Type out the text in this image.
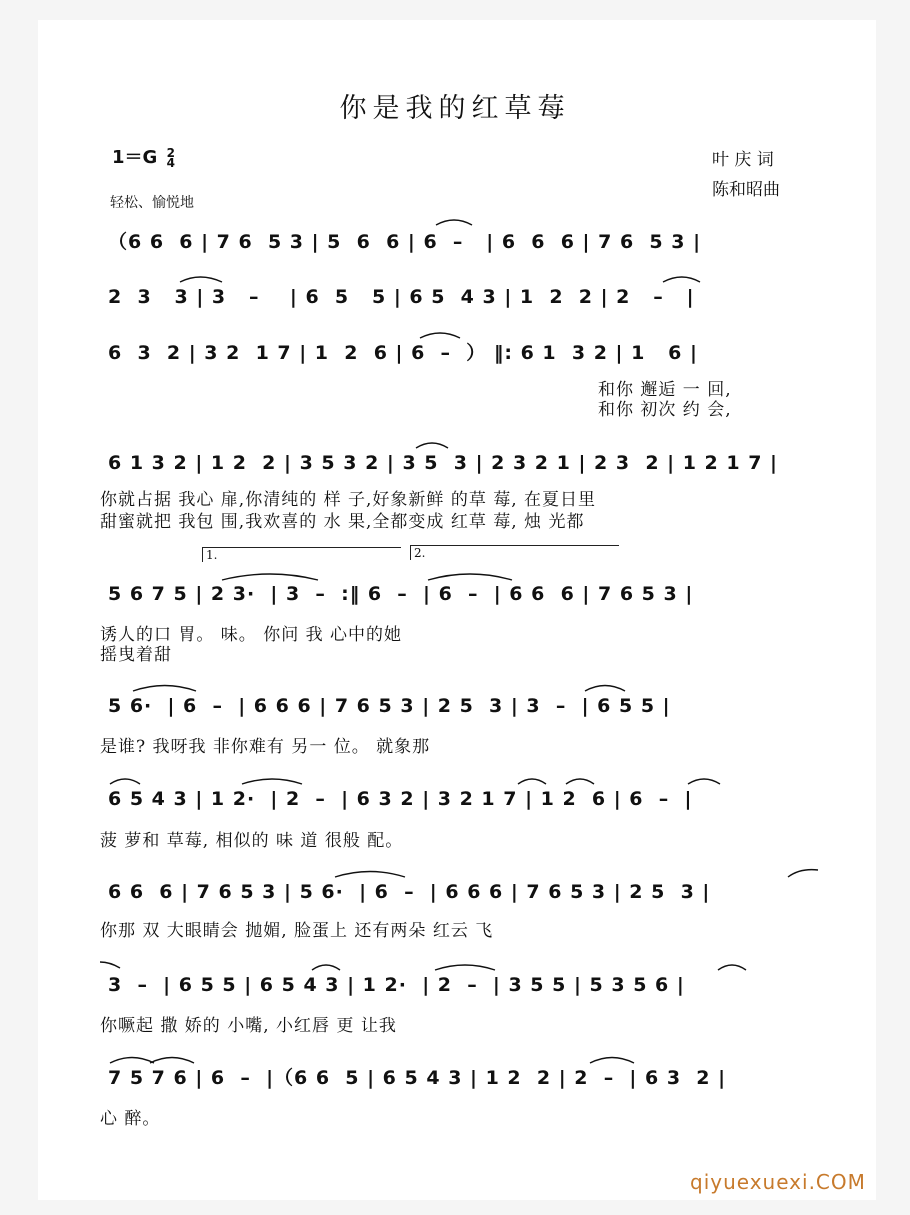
你是我的红草莓
1＝G 2
4	叶 庆 词
陈和昭曲
轻松、愉悦地
（6 6  6 | 7 6  5 3 | 5  6  6 | 6  –   | 6  6  6 | 7 6  5 3 |
2  3   3 | 3   –    | 6  5   5 | 6 5  4 3 | 1  2  2 | 2   –   |
6  3  2 | 3 2  1 7 | 1  2  6 | 6  –  ） ‖: 6 1  3 2 | 1   6 |
和你 邂逅 一 回,
和你 初次 约 会,
6 1 3 2 | 1 2  2 | 3 5 3 2 | 3 5  3 | 2 3 2 1 | 2 3  2 | 1 2 1 7 |
你就占据 我心 扉,你清纯的 样 子,好象新鲜 的草 莓, 在夏日里
甜蜜就把 我包 围,我欢喜的 水 果,全都变成 红草 莓, 烛 光都
1.	2.
5 6 7 5 | 2 3·  | 3  –  :‖ 6  –  | 6  –  | 6 6  6 | 7 6 5 3 |
诱人的口 胃。 味。 你问 我 心中的她
摇曳着甜
5 6·  | 6  –  | 6 6 6 | 7 6 5 3 | 2 5  3 | 3  –  | 6 5 5 |
是谁? 我呀我 非你难有 另一 位。 就象那
6 5 4 3 | 1 2·  | 2  –  | 6 3 2 | 3 2 1 7 | 1 2  6 | 6  –  |
菠 萝和 草莓, 相似的 味 道 很般 配。
6 6  6 | 7 6 5 3 | 5 6·  | 6  –  | 6 6 6 | 7 6 5 3 | 2 5  3 |
你那 双 大眼睛会 抛媚, 脸蛋上 还有两朵 红云 飞
3  –  | 6 5 5 | 6 5 4 3 | 1 2·  | 2  –  | 3 5 5 | 5 3 5 6 |
你噘起 撒 娇的 小嘴, 小红唇 更 让我
7 5 7 6 | 6  –  |（6 6  5 | 6 5 4 3 | 1 2  2 | 2  –  | 6 3  2 |
心 醉。
qiyuexuexi.COM
